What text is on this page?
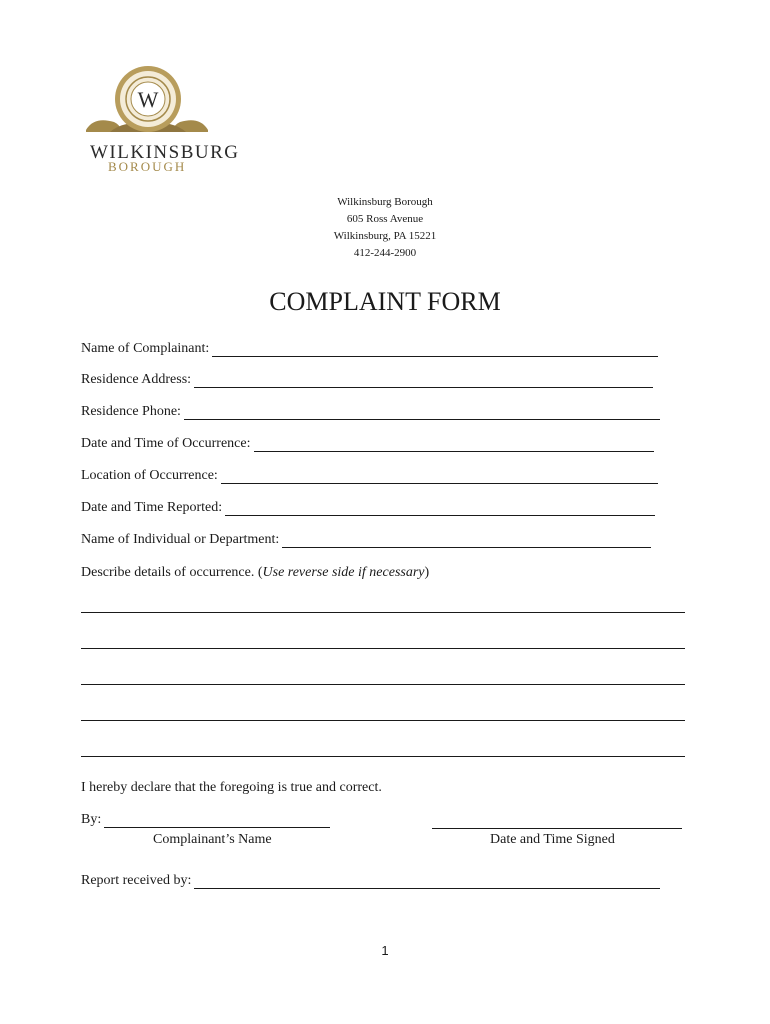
W
WILKINSBURG
BOROUGH
Wilkinsburg Borough
605 Ross Avenue
Wilkinsburg, PA 15221
412-244-2900
COMPLAINT FORM
Name of Complainant:
Residence Address:
Residence Phone:
Date and Time of Occurrence:
Location of Occurrence:
Date and Time Reported:
Name of Individual or Department:
Describe details of occurrence. (Use reverse side if necessary)
I hereby declare that the foregoing is true and correct.
By:
Complainant’s Name	Date and Time Signed
Report received by:
1
